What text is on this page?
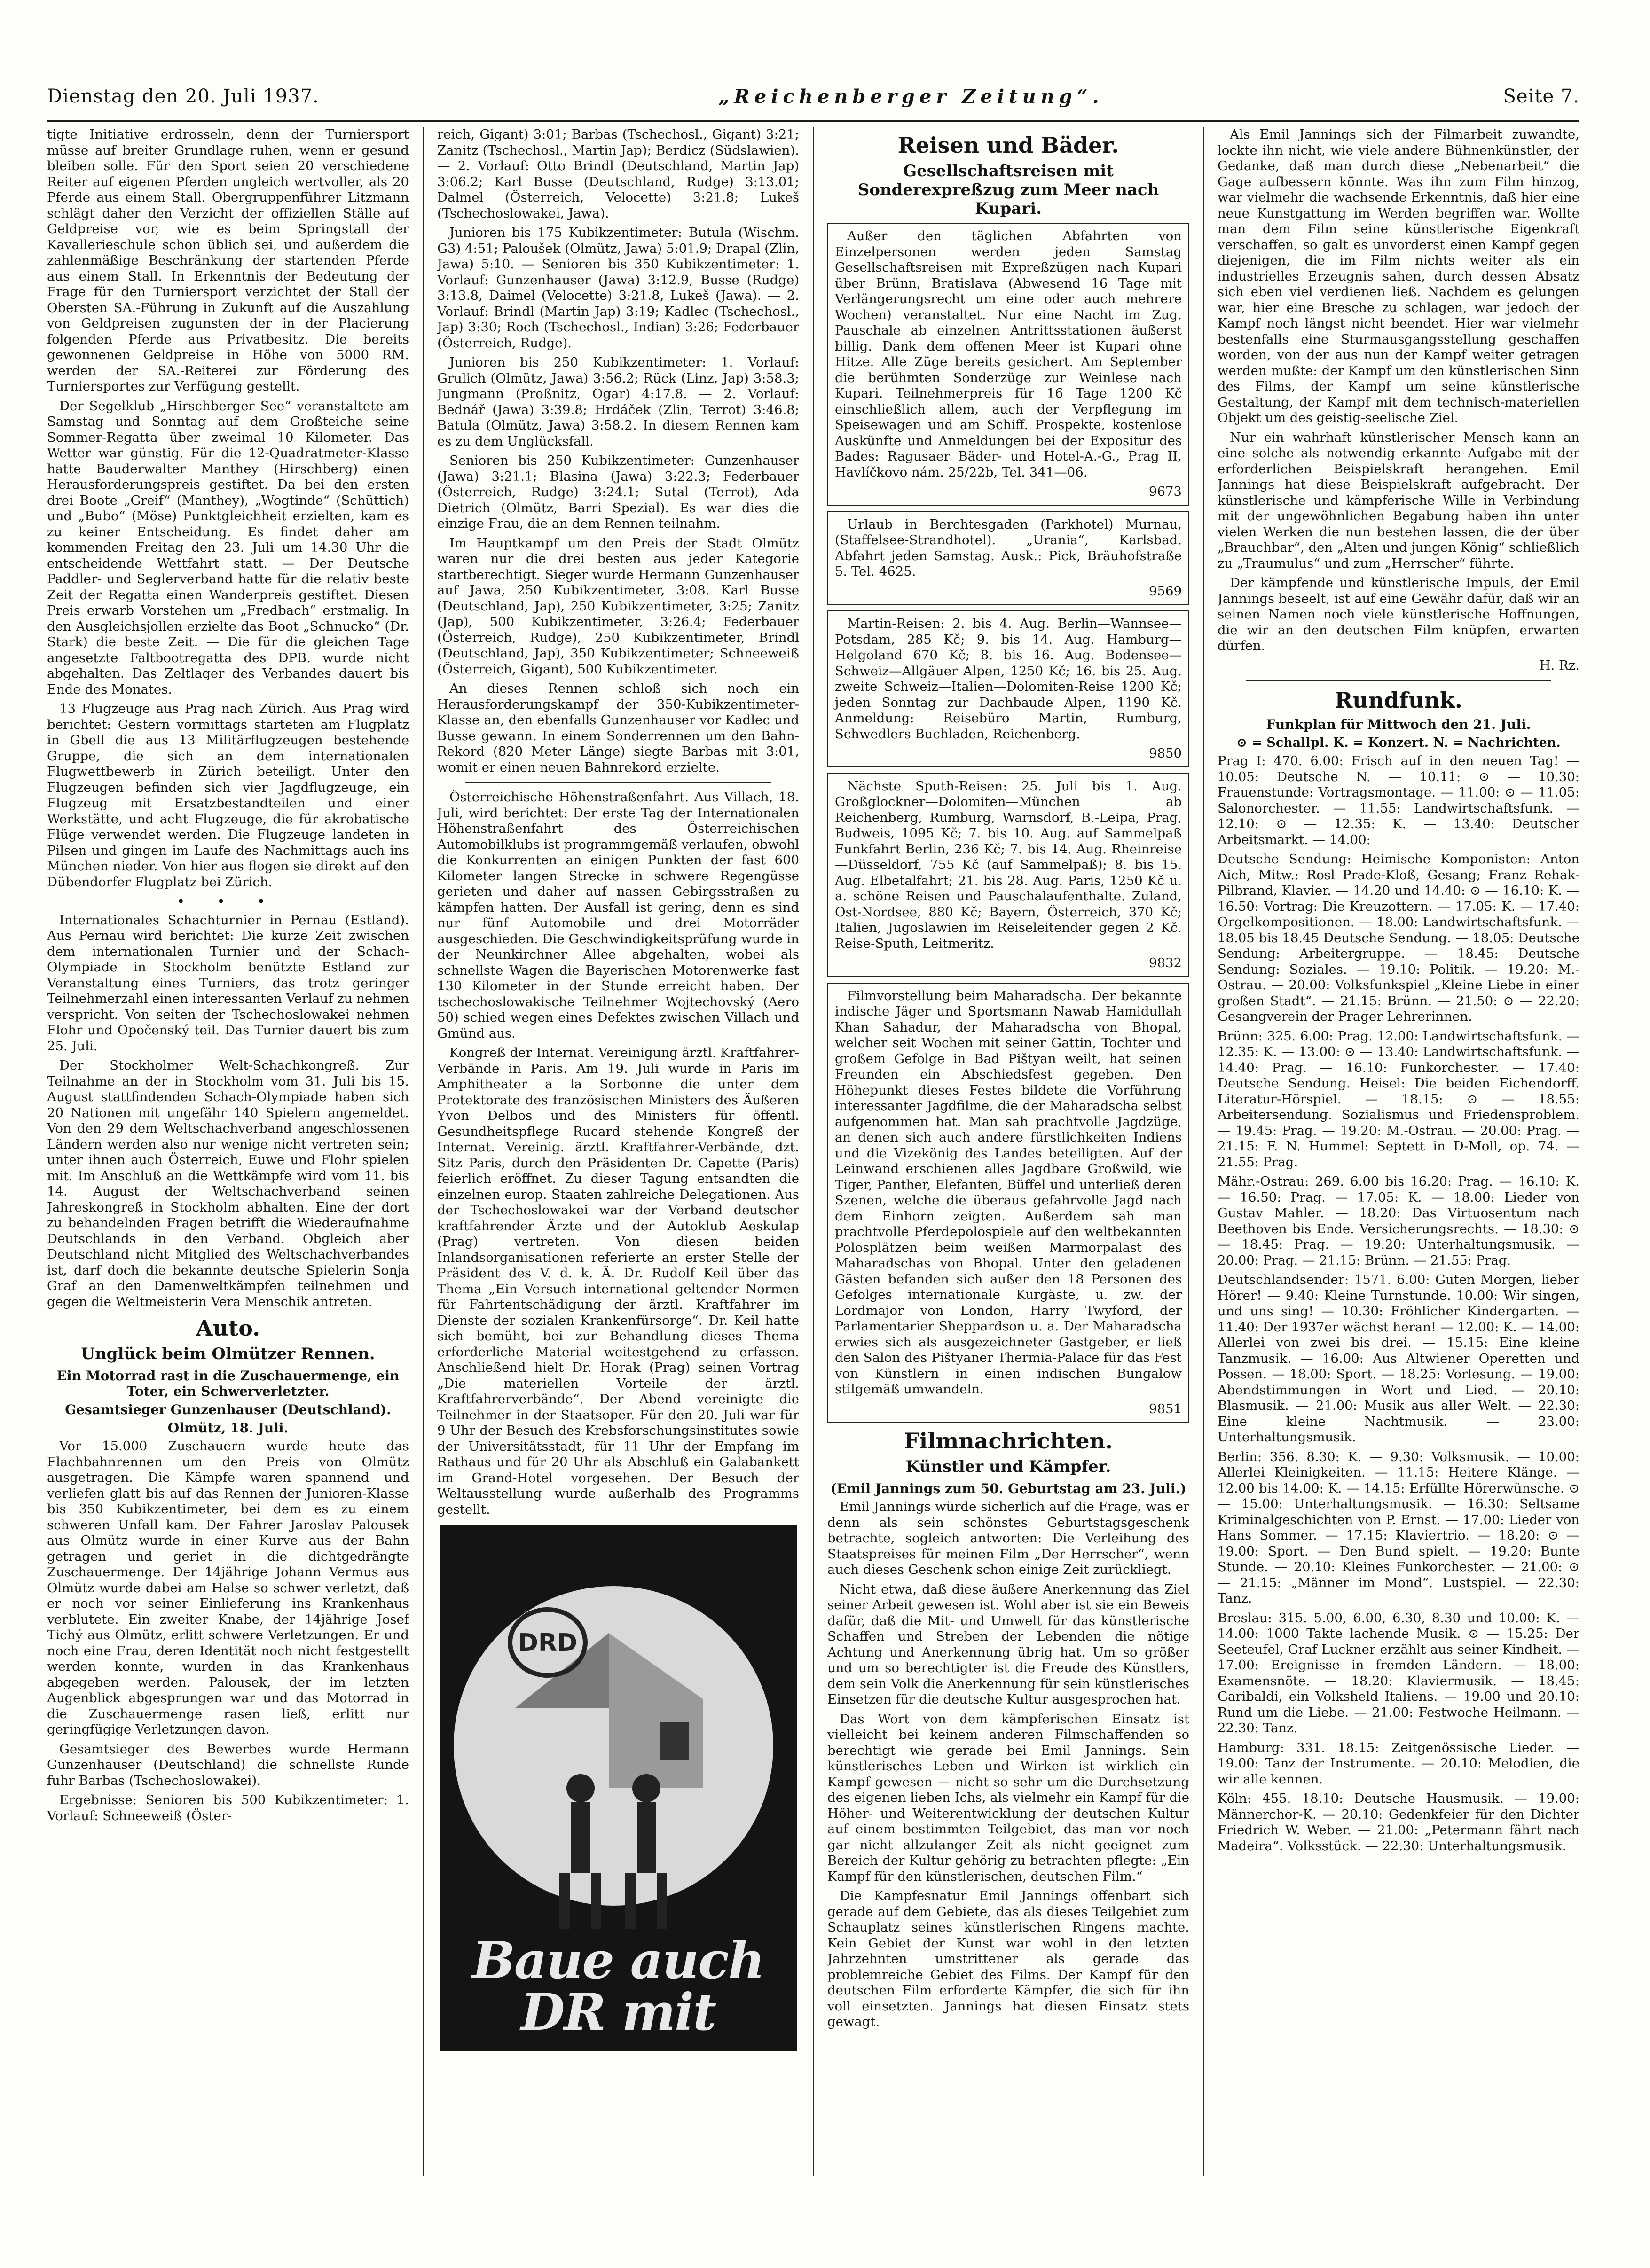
Dienstag den 20. Juli 1937.	„Reichenberger Zeitung“.	Seite 7.

tigte Initiative erdrosseln, denn der Turniersport müsse auf breiter Grundlage ruhen, wenn er gesund bleiben solle. Für den Sport seien 20 verschiedene Reiter auf eigenen Pferden ungleich wertvoller, als 20 Pferde aus einem Stall. Obergruppenführer Litzmann schlägt daher den Verzicht der offiziellen Ställe auf Geldpreise vor, wie es beim Springstall der Kavallerieschule schon üblich sei, und außerdem die zahlenmäßige Beschränkung der startenden Pferde aus einem Stall. In Erkenntnis der Bedeutung der Frage für den Turniersport verzichtet der Stall der Obersten SA.-Führung in Zukunft auf die Auszahlung von Geldpreisen zugunsten der in der Placierung folgenden Pferde aus Privatbesitz. Die bereits gewonnenen Geldpreise in Höhe von 5000 RM. werden der SA.-Reiterei zur Förderung des Turniersportes zur Verfügung gestellt.

Der Segelklub „Hirschberger See“ veranstaltete am Samstag und Sonntag auf dem Großteiche seine Sommer-Regatta über zweimal 10 Kilometer. Das Wetter war günstig. Für die 12-Quadratmeter-Klasse hatte Bauderwalter Manthey (Hirschberg) einen Herausforderungspreis gestiftet. Da bei den ersten drei Boote „Greif“ (Manthey), „Wogtinde“ (Schüttich) und „Bubo“ (Möse) Punktgleichheit erzielten, kam es zu keiner Entscheidung. Es findet daher am kommenden Freitag den 23. Juli um 14.30 Uhr die entscheidende Wettfahrt statt. — Der Deutsche Paddler- und Seglerverband hatte für die relativ beste Zeit der Regatta einen Wanderpreis gestiftet. Diesen Preis erwarb Vorstehen um „Fredbach“ erstmalig. In den Ausgleichsjollen erzielte das Boot „Schnucko“ (Dr. Stark) die beste Zeit. — Die für die gleichen Tage angesetzte Faltbootregatta des DPB. wurde nicht abgehalten. Das Zeltlager des Verbandes dauert bis Ende des Monates.

13 Flugzeuge aus Prag nach Zürich. Aus Prag wird berichtet: Gestern vormittags starteten am Flugplatz in Gbell die aus 13 Militärflugzeugen bestehende Gruppe, die sich an dem internationalen Flugwettbewerb in Zürich beteiligt. Unter den Flugzeugen befinden sich vier Jagdflugzeuge, ein Flugzeug mit Ersatzbestandteilen und einer Werkstätte, und acht Flugzeuge, die für akrobatische Flüge verwendet werden. Die Flugzeuge landeten in Pilsen und gingen im Laufe des Nachmittags auch ins München nieder. Von hier aus flogen sie direkt auf den Dübendorfer Flugplatz bei Zürich.

• • •

Internationales Schachturnier in Pernau (Estland). Aus Pernau wird berichtet: Die kurze Zeit zwischen dem internationalen Turnier und der Schach-Olympiade in Stockholm benützte Estland zur Veranstaltung eines Turniers, das trotz geringer Teilnehmerzahl einen interessanten Verlauf zu nehmen verspricht. Von seiten der Tschechoslowakei nehmen Flohr und Opočenský teil. Das Turnier dauert bis zum 25. Juli.

Der Stockholmer Welt-Schachkongreß. Zur Teilnahme an der in Stockholm vom 31. Juli bis 15. August stattfindenden Schach-Olympiade haben sich 20 Nationen mit ungefähr 140 Spielern angemeldet. Von den 29 dem Weltschachverband angeschlossenen Ländern werden also nur wenige nicht vertreten sein; unter ihnen auch Österreich, Euwe und Flohr spielen mit. Im Anschluß an die Wettkämpfe wird vom 11. bis 14. August der Weltschachverband seinen Jahreskongreß in Stockholm abhalten. Eine der dort zu behandelnden Fragen betrifft die Wiederaufnahme Deutschlands in den Verband. Obgleich aber Deutschland nicht Mitglied des Weltschachverbandes ist, darf doch die bekannte deutsche Spielerin Sonja Graf an den Damenweltkämpfen teilnehmen und gegen die Weltmeisterin Vera Menschik antreten.

Auto.
Unglück beim Olmützer Rennen.
Ein Motorrad rast in die Zuschauermenge, ein Toter, ein Schwerverletzter.
Gesamtsieger Gunzenhauser (Deutschland).
Olmütz, 18. Juli.

Vor 15.000 Zuschauern wurde heute das Flachbahnrennen um den Preis von Olmütz ausgetragen. Die Kämpfe waren spannend und verliefen glatt bis auf das Rennen der Junioren-Klasse bis 350 Kubikzentimeter, bei dem es zu einem schweren Unfall kam. Der Fahrer Jaroslav Palousek aus Olmütz wurde in einer Kurve aus der Bahn getragen und geriet in die dichtgedrängte Zuschauermenge. Der 14jährige Johann Vermus aus Olmütz wurde dabei am Halse so schwer verletzt, daß er noch vor seiner Einlieferung ins Krankenhaus verblutete. Ein zweiter Knabe, der 14jährige Josef Tichý aus Olmütz, erlitt schwere Verletzungen. Er und noch eine Frau, deren Identität noch nicht festgestellt werden konnte, wurden in das Krankenhaus abgegeben werden. Palousek, der im letzten Augenblick abgesprungen war und das Motorrad in die Zuschauermenge rasen ließ, erlitt nur geringfügige Verletzungen davon.

Gesamtsieger des Bewerbes wurde Hermann Gunzenhauser (Deutschland) die schnellste Runde fuhr Barbas (Tschechoslowakei).

Ergebnisse: Senioren bis 500 Kubikzentimeter: 1. Vorlauf: Schneeweiß (Öster-

reich, Gigant) 3:01; Barbas (Tschechosl., Gigant) 3:21; Zanitz (Tschechosl., Martin Jap); Berdicz (Südslawien). — 2. Vorlauf: Otto Brindl (Deutschland, Martin Jap) 3:06.2; Karl Busse (Deutschland, Rudge) 3:13.01; Dalmel (Österreich, Velocette) 3:21.8; Lukeš (Tschechoslowakei, Jawa).

Junioren bis 175 Kubikzentimeter: Butula (Wischm. G3) 4:51; Paloušek (Olmütz, Jawa) 5:01.9; Drapal (Zlin, Jawa) 5:10. — Senioren bis 350 Kubikzentimeter: 1. Vorlauf: Gunzenhauser (Jawa) 3:12.9, Busse (Rudge) 3:13.8, Daimel (Velocette) 3:21.8, Lukeš (Jawa). — 2. Vorlauf: Brindl (Martin Jap) 3:19; Kadlec (Tschechosl., Jap) 3:30; Roch (Tschechosl., Indian) 3:26; Federbauer (Österreich, Rudge).

Junioren bis 250 Kubikzentimeter: 1. Vorlauf: Grulich (Olmütz, Jawa) 3:56.2; Rück (Linz, Jap) 3:58.3; Jungmann (Proßnitz, Ogar) 4:17.8. — 2. Vorlauf: Bednář (Jawa) 3:39.8; Hrdáček (Zlin, Terrot) 3:46.8; Batula (Olmütz, Jawa) 3:58.2. In diesem Rennen kam es zu dem Unglücksfall.

Senioren bis 250 Kubikzentimeter: Gunzenhauser (Jawa) 3:21.1; Blasina (Jawa) 3:22.3; Federbauer (Österreich, Rudge) 3:24.1; Sutal (Terrot), Ada Dietrich (Olmütz, Barri Spezial). Es war dies die einzige Frau, die an dem Rennen teilnahm.

Im Hauptkampf um den Preis der Stadt Olmütz waren nur die drei besten aus jeder Kategorie startberechtigt. Sieger wurde Hermann Gunzenhauser auf Jawa, 250 Kubikzentimeter, 3:08. Karl Busse (Deutschland, Jap), 250 Kubikzentimeter, 3:25; Zanitz (Jap), 500 Kubikzentimeter, 3:26.4; Federbauer (Österreich, Rudge), 250 Kubikzentimeter, Brindl (Deutschland, Jap), 350 Kubikzentimeter; Schneeweiß (Österreich, Gigant), 500 Kubikzentimeter.

An dieses Rennen schloß sich noch ein Herausforderungskampf der 350-Kubikzentimeter-Klasse an, den ebenfalls Gunzenhauser vor Kadlec und Busse gewann. In einem Sonderrennen um den Bahn-Rekord (820 Meter Länge) siegte Barbas mit 3:01, womit er einen neuen Bahnrekord erzielte.

Österreichische Höhenstraßenfahrt. Aus Villach, 18. Juli, wird berichtet: Der erste Tag der Internationalen Höhenstraßenfahrt des Österreichischen Automobilklubs ist programmgemäß verlaufen, obwohl die Konkurrenten an einigen Punkten der fast 600 Kilometer langen Strecke in schwere Regengüsse gerieten und daher auf nassen Gebirgsstraßen zu kämpfen hatten. Der Ausfall ist gering, denn es sind nur fünf Automobile und drei Motorräder ausgeschieden. Die Geschwindigkeitsprüfung wurde in der Neunkirchner Allee abgehalten, wobei als schnellste Wagen die Bayerischen Motorenwerke fast 130 Kilometer in der Stunde erreicht haben. Der tschechoslowakische Teilnehmer Wojtechovský (Aero 50) schied wegen eines Defektes zwischen Villach und Gmünd aus.

Kongreß der Internat. Vereinigung ärztl. Kraftfahrer-Verbände in Paris. Am 19. Juli wurde in Paris im Amphitheater a la Sorbonne die unter dem Protektorate des französischen Ministers des Äußeren Yvon Delbos und des Ministers für öffentl. Gesundheitspflege Rucard stehende Kongreß der Internat. Vereinig. ärztl. Kraftfahrer-Verbände, dzt. Sitz Paris, durch den Präsidenten Dr. Capette (Paris) feierlich eröffnet. Zu dieser Tagung entsandten die einzelnen europ. Staaten zahlreiche Delegationen. Aus der Tschechoslowakei war der Verband deutscher kraftfahrender Ärzte und der Autoklub Aeskulap (Prag) vertreten. Von diesen beiden Inlandsorganisationen referierte an erster Stelle der Präsident des V. d. k. Ä. Dr. Rudolf Keil über das Thema „Ein Versuch international geltender Normen für Fahrtentschädigung der ärztl. Kraftfahrer im Dienste der sozialen Krankenfürsorge“. Dr. Keil hatte sich bemüht, bei zur Behandlung dieses Thema erforderliche Material weitestgehend zu erfassen. Anschließend hielt Dr. Horak (Prag) seinen Vortrag „Die materiellen Vorteile der ärztl. Kraftfahrerverbände“. Der Abend vereinigte die Teilnehmer in der Staatsoper. Für den 20. Juli war für 9 Uhr der Besuch des Krebsforschungsinstitutes sowie der Universitätsstadt, für 11 Uhr der Empfang im Rathaus und für 20 Uhr als Abschluß ein Galabankett im Grand-Hotel vorgesehen. Der Besuch der Weltausstellung wurde außerhalb des Programms gestellt.

DRD
Baue auch DR mit
Reisen und Bäder.
Gesellschaftsreisen mit Sonderexpreßzug zum Meer nach Kupari.

Außer den täglichen Abfahrten von Einzelpersonen werden jeden Samstag Gesellschaftsreisen mit Expreßzügen nach Kupari über Brünn, Bratislava (Abwesend 16 Tage mit Verlängerungsrecht um eine oder auch mehrere Wochen) veranstaltet. Nur eine Nacht im Zug. Pauschale ab einzelnen Antrittsstationen äußerst billig. Dank dem offenen Meer ist Kupari ohne Hitze. Alle Züge bereits gesichert. Am September die berühmten Sonderzüge zur Weinlese nach Kupari. Teilnehmerpreis für 16 Tage 1200 Kč einschließlich allem, auch der Verpflegung im Speisewagen und am Schiff. Prospekte, kostenlose Auskünfte und Anmeldungen bei der Expositur des Bades: Ragusaer Bäder- und Hotel-A.-G., Prag II, Havlíčkovo nám. 25/22b, Tel. 341—06.

9673

Urlaub in Berchtesgaden (Parkhotel) Murnau, (Staffelsee-Strandhotel). „Urania“, Karlsbad. Abfahrt jeden Samstag. Ausk.: Pick, Bräuhofstraße 5. Tel. 4625.

9569

Martin-Reisen: 2. bis 4. Aug. Berlin—Wannsee—Potsdam, 285 Kč; 9. bis 14. Aug. Hamburg—Helgoland 670 Kč; 8. bis 16. Aug. Bodensee—Schweiz—Allgäuer Alpen, 1250 Kč; 16. bis 25. Aug. zweite Schweiz—Italien—Dolomiten-Reise 1200 Kč; jeden Sonntag zur Dachbaude Alpen, 1190 Kč. Anmeldung: Reisebüro Martin, Rumburg, Schwedlers Buchladen, Reichenberg.

9850

Nächste Sputh-Reisen: 25. Juli bis 1. Aug. Großglockner—Dolomiten—München ab Reichenberg, Rumburg, Warnsdorf, B.-Leipa, Prag, Budweis, 1095 Kč; 7. bis 10. Aug. auf Sammelpaß Funkfahrt Berlin, 236 Kč; 7. bis 14. Aug. Rheinreise—Düsseldorf, 755 Kč (auf Sammelpaß); 8. bis 15. Aug. Elbetalfahrt; 21. bis 28. Aug. Paris, 1250 Kč u. a. schöne Reisen und Pauschalaufenthalte. Zuland, Ost-Nordsee, 880 Kč; Bayern, Österreich, 370 Kč; Italien, Jugoslawien im Reiseleitender gegen 2 Kč. Reise-Sputh, Leitmeritz.

9832

Filmvorstellung beim Maharadscha. Der bekannte indische Jäger und Sportsmann Nawab Hamidullah Khan Sahadur, der Maharadscha von Bhopal, welcher seit Wochen mit seiner Gattin, Tochter und großem Gefolge in Bad Pištyan weilt, hat seinen Freunden ein Abschiedsfest gegeben. Den Höhepunkt dieses Festes bildete die Vorführung interessanter Jagdfilme, die der Maharadscha selbst aufgenommen hat. Man sah prachtvolle Jagdzüge, an denen sich auch andere fürstlichkeiten Indiens und die Vizekönig des Landes beteiligten. Auf der Leinwand erschienen alles Jagdbare Großwild, wie Tiger, Panther, Elefanten, Büffel und unterließ deren Szenen, welche die überaus gefahrvolle Jagd nach dem Einhorn zeigten. Außerdem sah man prachtvolle Pferdepolospiele auf den weltbekannten Polosplätzen beim weißen Marmorpalast des Maharadschas von Bhopal. Unter den geladenen Gästen befanden sich außer den 18 Personen des Gefolges internationale Kurgäste, u. zw. der Lordmajor von London, Harry Twyford, der Parlamentarier Sheppardson u. a. Der Maharadscha erwies sich als ausgezeichneter Gastgeber, er ließ den Salon des Pištyaner Thermia-Palace für das Fest von Künstlern in einen indischen Bungalow stilgemäß umwandeln.

9851
Filmnachrichten.
Künstler und Kämpfer.
(Emil Jannings zum 50. Geburtstag am 23. Juli.)

Emil Jannings würde sicherlich auf die Frage, was er denn als sein schönstes Geburtstagsgeschenk betrachte, sogleich antworten: Die Verleihung des Staatspreises für meinen Film „Der Herrscher“, wenn auch dieses Geschenk schon einige Zeit zurückliegt.

Nicht etwa, daß diese äußere Anerkennung das Ziel seiner Arbeit gewesen ist. Wohl aber ist sie ein Beweis dafür, daß die Mit- und Umwelt für das künstlerische Schaffen und Streben der Lebenden die nötige Achtung und Anerkennung übrig hat. Um so größer und um so berechtigter ist die Freude des Künstlers, dem sein Volk die Anerkennung für sein künstlerisches Einsetzen für die deutsche Kultur ausgesprochen hat.

Das Wort von dem kämpferischen Einsatz ist vielleicht bei keinem anderen Filmschaffenden so berechtigt wie gerade bei Emil Jannings. Sein künstlerisches Leben und Wirken ist wirklich ein Kampf gewesen — nicht so sehr um die Durchsetzung des eigenen lieben Ichs, als vielmehr ein Kampf für die Höher- und Weiterentwicklung der deutschen Kultur auf einem bestimmten Teilgebiet, das man vor noch gar nicht allzulanger Zeit als nicht geeignet zum Bereich der Kultur gehörig zu betrachten pflegte: „Ein Kampf für den künstlerischen, deutschen Film.“

Die Kampfesnatur Emil Jannings offenbart sich gerade auf dem Gebiete, das als dieses Teilgebiet zum Schauplatz seines künstlerischen Ringens machte. Kein Gebiet der Kunst war wohl in den letzten Jahrzehnten umstrittener als gerade das problemreiche Gebiet des Films. Der Kampf für den deutschen Film erforderte Kämpfer, die sich für ihn voll einsetzten. Jannings hat diesen Einsatz stets gewagt.

Als Emil Jannings sich der Filmarbeit zuwandte, lockte ihn nicht, wie viele andere Bühnenkünstler, der Gedanke, daß man durch diese „Nebenarbeit“ die Gage aufbessern könnte. Was ihn zum Film hinzog, war vielmehr die wachsende Erkenntnis, daß hier eine neue Kunstgattung im Werden begriffen war. Wollte man dem Film seine künstlerische Eigenkraft verschaffen, so galt es unvorderst einen Kampf gegen diejenigen, die im Film nichts weiter als ein industrielles Erzeugnis sahen, durch dessen Absatz sich eben viel verdienen ließ. Nachdem es gelungen war, hier eine Bresche zu schlagen, war jedoch der Kampf noch längst nicht beendet. Hier war vielmehr bestenfalls eine Sturmausgangsstellung geschaffen worden, von der aus nun der Kampf weiter getragen werden mußte: der Kampf um den künstlerischen Sinn des Films, der Kampf um seine künstlerische Gestaltung, der Kampf mit dem technisch-materiellen Objekt um des geistig-seelische Ziel.

Nur ein wahrhaft künstlerischer Mensch kann an eine solche als notwendig erkannte Aufgabe mit der erforderlichen Beispielskraft herangehen. Emil Jannings hat diese Beispielskraft aufgebracht. Der künstlerische und kämpferische Wille in Verbindung mit der ungewöhnlichen Begabung haben ihn unter vielen Werken die nun bestehen lassen, die der über „Brauchbar“, den „Alten und jungen König“ schließlich zu „Traumulus“ und zum „Herrscher“ führte.

Der kämpfende und künstlerische Impuls, der Emil Jannings beseelt, ist auf eine Gewähr dafür, daß wir an seinen Namen noch viele künstlerische Hoffnungen, die wir an den deutschen Film knüpfen, erwarten dürfen.

H. Rz.
Rundfunk.
Funkplan für Mittwoch den 21. Juli.
⊙ = Schallpl. K. = Konzert. N. = Nachrichten.

Prag I: 470. 6.00: Frisch auf in den neuen Tag! — 10.05: Deutsche N. — 10.11: ⊙ — 10.30: Frauenstunde: Vortragsmontage. — 11.00: ⊙ — 11.05: Salonorchester. — 11.55: Landwirtschaftsfunk. — 12.10: ⊙ — 12.35: K. — 13.40: Deutscher Arbeitsmarkt. — 14.00:

Deutsche Sendung: Heimische Komponisten: Anton Aich, Mitw.: Rosl Prade-Kloß, Gesang; Franz Rehak-Pilbrand, Klavier. — 14.20 und 14.40: ⊙ — 16.10: K. — 16.50: Vortrag: Die Kreuzottern. — 17.05: K. — 17.40: Orgelkompositionen. — 18.00: Landwirtschaftsfunk. — 18.05 bis 18.45 Deutsche Sendung. — 18.05: Deutsche Sendung: Arbeitergruppe. — 18.45: Deutsche Sendung: Soziales. — 19.10: Politik. — 19.20: M.-Ostrau. — 20.00: Volksfunkspiel „Kleine Liebe in einer großen Stadt“. — 21.15: Brünn. — 21.50: ⊙ — 22.20: Gesangverein der Prager Lehrerinnen.

Brünn: 325. 6.00: Prag. 12.00: Landwirtschaftsfunk. — 12.35: K. — 13.00: ⊙ — 13.40: Landwirtschaftsfunk. — 14.40: Prag. — 16.10: Funkorchester. — 17.40: Deutsche Sendung. Heisel: Die beiden Eichendorff. Literatur-Hörspiel. — 18.15: ⊙ — 18.55: Arbeitersendung. Sozialismus und Friedensproblem. — 19.45: Prag. — 19.20: M.-Ostrau. — 20.00: Prag. — 21.15: F. N. Hummel: Septett in D-Moll, op. 74. — 21.55: Prag.

Mähr.-Ostrau: 269. 6.00 bis 16.20: Prag. — 16.10: K. — 16.50: Prag. — 17.05: K. — 18.00: Lieder von Gustav Mahler. — 18.20: Das Virtuosentum nach Beethoven bis Ende. Versicherungsrechts. — 18.30: ⊙ — 18.45: Prag. — 19.20: Unterhaltungsmusik. — 20.00: Prag. — 21.15: Brünn. — 21.55: Prag.

Deutschlandsender: 1571. 6.00: Guten Morgen, lieber Hörer! — 9.40: Kleine Turnstunde. 10.00: Wir singen, und uns sing! — 10.30: Fröhlicher Kindergarten. — 11.40: Der 1937er wächst heran! — 12.00: K. — 14.00: Allerlei von zwei bis drei. — 15.15: Eine kleine Tanzmusik. — 16.00: Aus Altwiener Operetten und Possen. — 18.00: Sport. — 18.25: Vorlesung. — 19.00: Abendstimmungen in Wort und Lied. — 20.10: Blasmusik. — 21.00: Musik aus aller Welt. — 22.30: Eine kleine Nachtmusik. — 23.00: Unterhaltungsmusik.

Berlin: 356. 8.30: K. — 9.30: Volksmusik. — 10.00: Allerlei Kleinigkeiten. — 11.15: Heitere Klänge. — 12.00 bis 14.00: K. — 14.15: Erfüllte Hörerwünsche. ⊙ — 15.00: Unterhaltungsmusik. — 16.30: Seltsame Kriminalgeschichten von P. Ernst. — 17.00: Lieder von Hans Sommer. — 17.15: Klaviertrio. — 18.20: ⊙ — 19.00: Sport. — Den Bund spielt. — 19.20: Bunte Stunde. — 20.10: Kleines Funkorchester. — 21.00: ⊙ — 21.15: „Männer im Mond“. Lustspiel. — 22.30: Tanz.

Breslau: 315. 5.00, 6.00, 6.30, 8.30 und 10.00: K. — 14.00: 1000 Takte lachende Musik. ⊙ — 15.25: Der Seeteufel, Graf Luckner erzählt aus seiner Kindheit. — 17.00: Ereignisse in fremden Ländern. — 18.00: Examensnöte. — 18.20: Klaviermusik. — 18.45: Garibaldi, ein Volksheld Italiens. — 19.00 und 20.10: Rund um die Liebe. — 21.00: Festwoche Heilmann. — 22.30: Tanz.

Hamburg: 331. 18.15: Zeitgenössische Lieder. — 19.00: Tanz der Instrumente. — 20.10: Melodien, die wir alle kennen.

Köln: 455. 18.10: Deutsche Hausmusik. — 19.00: Männerchor-K. — 20.10: Gedenkfeier für den Dichter Friedrich W. Weber. — 21.00: „Petermann fährt nach Madeira“. Volksstück. — 22.30: Unterhaltungsmusik.
